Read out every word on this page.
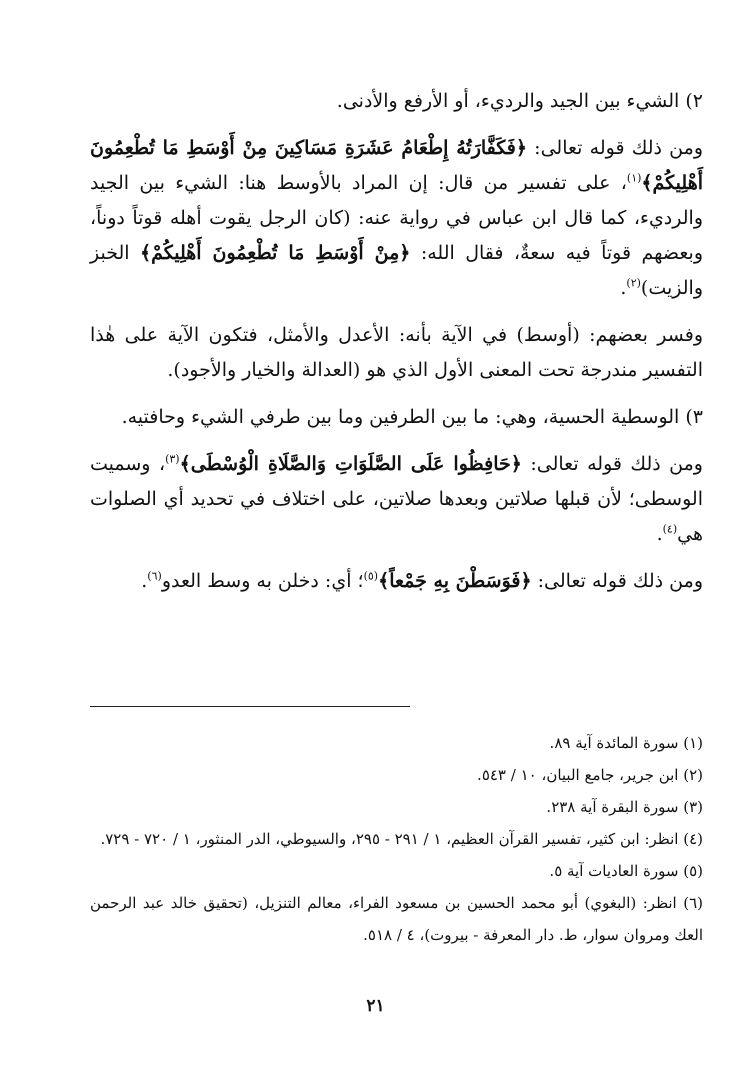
٢) الشيء بين الجيد والرديء، أو الأرفع والأدنى.

ومن ذلك قوله تعالى: ﴿فَكَفَّارَتُهُ إِطْعَامُ عَشَرَةِ مَسَاكِينَ مِنْ أَوْسَطِ مَا تُطْعِمُونَ أَهْلِيكُمْ﴾$^{(١)}$، على تفسير من قال: إن المراد بالأوسط هنا: الشيء بين الجيد والرديء، كما قال ابن عباس في رواية عنه: (كان الرجل يقوت أهله قوتاً دوناً، وبعضهم قوتاً فيه سعةٌ، فقال الله: ﴿مِنْ أَوْسَطِ مَا تُطْعِمُونَ أَهْلِيكُمْ﴾ الخبز والزيت)$^{(٢)}$.

وفسر بعضهم: (أوسط) في الآية بأنه: الأعدل والأمثل، فتكون الآية على هٰذا التفسير مندرجة تحت المعنى الأول الذي هو (العدالة والخيار والأجود).

٣) الوسطية الحسية، وهي: ما بين الطرفين وما بين طرفي الشيء وحافتيه.

ومن ذلك قوله تعالى: ﴿حَافِظُوا عَلَى الصَّلَوَاتِ وَالصَّلَاةِ الْوُسْطَى﴾$^{(٣)}$، وسميت الوسطى؛ لأن قبلها صلاتين وبعدها صلاتين، على اختلاف في تحديد أي الصلوات هي$^{(٤)}$.

ومن ذلك قوله تعالى: ﴿فَوَسَطْنَ بِهِ جَمْعاً﴾$^{(٥)}$؛ أي: دخلن به وسط العدو$^{(٦)}$.

(١) سورة المائدة آية ٨٩.

(٢) ابن جرير، جامع البيان، ١٠ / ٥٤٣.

(٣) سورة البقرة آية ٢٣٨.

(٤) انظر: ابن كثير، تفسير القرآن العظيم، ١ / ٢٩١ - ٢٩٥، والسيوطي، الدر المنثور، ١ / ٧٢٠ - ٧٢٩.

(٥) سورة العاديات آية ٥.

(٦) انظر: (البغوي) أبو محمد الحسين بن مسعود الفراء، معالم التنزيل، (تحقيق خالد عبد الرحمن العك ومروان سوار، ط. دار المعرفة - بيروت)، ٤ / ٥١٨.

٢١
